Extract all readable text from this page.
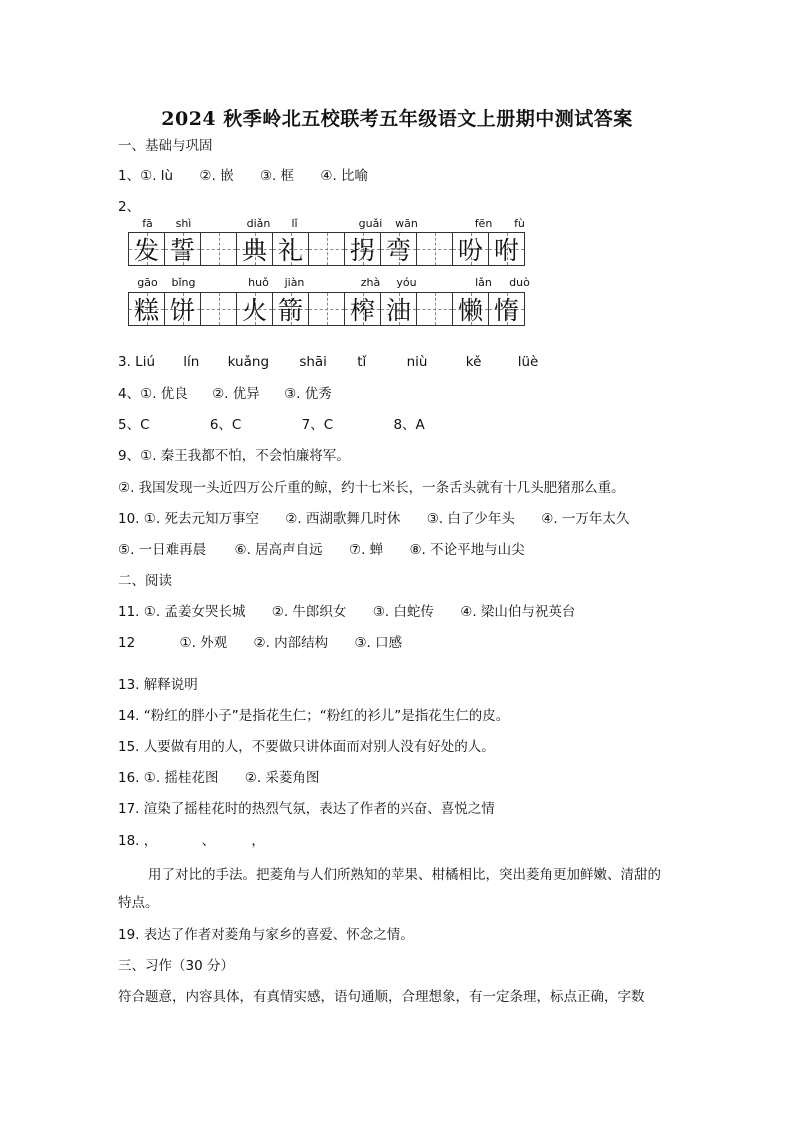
2024 秋季岭北五校联考五年级语文上册期中测试答案
一、基础与巩固
1、①. lù ②. 嵌 ③. 框 ④. 比喻
2、
fā	shì	diǎn	lǐ	guǎi	wān	fēn	fù
发 誓 典 礼 拐 弯 吩 咐
gāo	bǐng	huǒ	jiàn	zhà	yóu	lǎn	duò
糕 饼 火 箭 榨 油 懒 惰
3. Liú lín kuǎng shāi tǐ	niù	kě	lüè
4、①. 优良 ②. 优异 ③. 优秀
5、C	6、C	7、C	8、A
9、①. 秦王我都不怕，不会怕廉将军。
②. 我国发现一头近四万公斤重的鲸，约十七米长，一条舌头就有十几头肥猪那么重。
10. ①. 死去元知万事空 ②. 西湖歌舞几时休 ③. 白了少年头 ④. 一万年太久
⑤. 一日难再晨 ⑥. 居高声自远 ⑦. 蝉 ⑧. 不论平地与山尖
二、阅读
11. ①. 孟姜女哭长城 ②. 牛郎织女 ③. 白蛇传 ④. 梁山伯与祝英台
12	①. 外观 ②. 内部结构 ③. 口感
13. 解释说明
14. “粉红的胖小子”是指花生仁；“粉红的衫儿”是指花生仁的皮。
15. 人要做有用的人，不要做只讲体面而对别人没有好处的人。
16. ①. 摇桂花图 ②. 采菱角图
17. 渲染了摇桂花时的热烈气氛，表达了作者的兴奋、喜悦之情
18. ，	、	，
用了对比的手法。把菱角与人们所熟知的苹果、柑橘相比，突出菱角更加鲜嫩、清甜的
特点。
19. 表达了作者对菱角与家乡的喜爱、怀念之情。
三、习作（30 分）
符合题意，内容具体，有真情实感，语句通顺，合理想象，有一定条理，标点正确，字数
